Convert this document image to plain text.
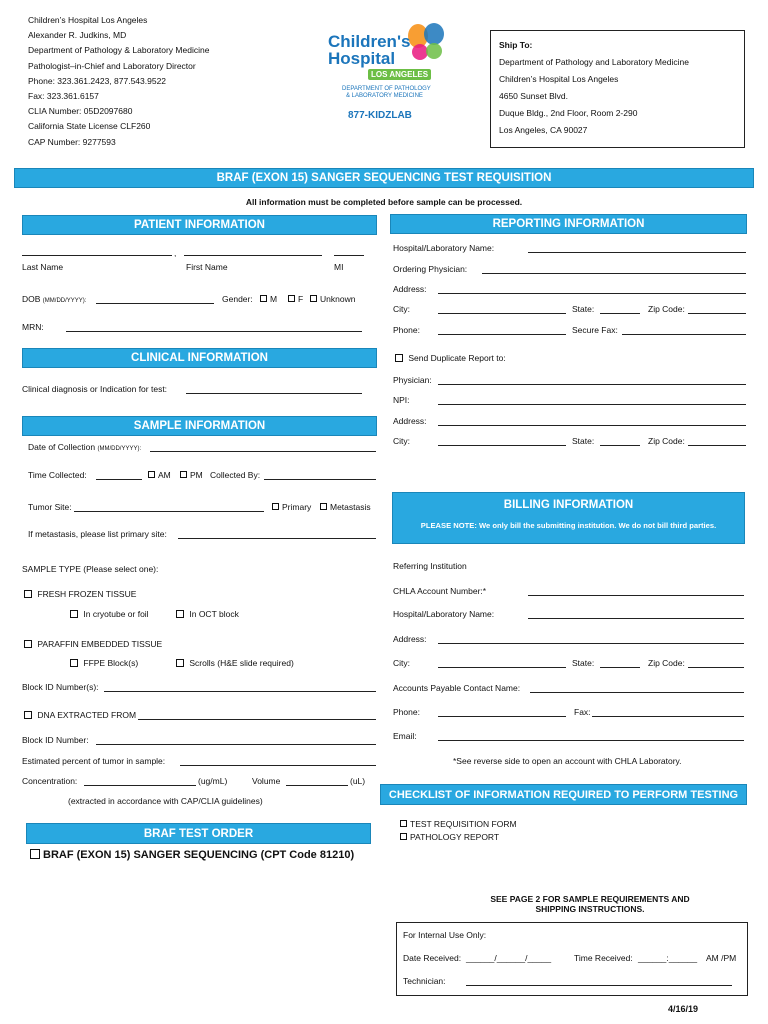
Children’s Hospital Los Angeles
Alexander R. Judkins, MD
Department of Pathology & Laboratory Medicine
Pathologist–in-Chief and Laboratory Director
Phone: 323.361.2423, 877.543.9522
Fax: 323.361.6157
CLIA Number: 05D2097680
California State License CLF260
CAP Number: 9277593
Children's
Hospital
LOS ANGELES
DEPARTMENT OF PATHOLOGY
& LABORATORY MEDICINE
877-KIDZLAB
Ship To:
Department of Pathology and Laboratory Medicine
Children’s Hospital Los Angeles
4650 Sunset Blvd.
Duque Bldg., 2nd Floor, Room 2-290
Los Angeles, CA 90027
BRAF (EXON 15) SANGER SEQUENCING TEST REQUISITION
All information must be completed before sample can be processed.
PATIENT INFORMATION
,
Last Name	First Name	MI
DOB (MM/DD/YYYY):	Gender:	M	F	Unknown
MRN:
CLINICAL INFORMATION
Clinical diagnosis or Indication for test:
SAMPLE INFORMATION
Date of Collection (MM/DD/YYYY):
Time Collected:	AM	PM Collected By:
Tumor Site:	Primary	Metastasis
If metastasis, please list primary site:
SAMPLE TYPE (Please select one):
FRESH FROZEN TISSUE
In cryotube or foil	In OCT block
PARAFFIN EMBEDDED TISSUE
FFPE Block(s)	Scrolls (H&E slide required)
Block ID Number(s):
DNA EXTRACTED FROM
Block ID Number:
Estimated percent of tumor in sample:
Concentration:	(ug/mL)	Volume	(uL)
(extracted in accordance with CAP/CLIA guidelines)
BRAF TEST ORDER
BRAF (EXON 15) SANGER SEQUENCING (CPT Code 81210)
REPORTING INFORMATION
Hospital/Laboratory Name:
Ordering Physician:
Address:
City:	State:	Zip Code:
Phone:	Secure Fax:
Send Duplicate Report to:
Physician:
NPI:
Address:
City:	State:	Zip Code:
BILLING INFORMATION
PLEASE NOTE: We only bill the submitting institution. We do not bill third parties.
Referring Institution
CHLA Account Number:*
Hospital/Laboratory Name:
Address:
City:	State:	Zip Code:
Accounts Payable Contact Name:
Phone:	Fax:
Email:
*See reverse side to open an account with CHLA Laboratory.
CHECKLIST OF INFORMATION REQUIRED TO PERFORM TESTING
TEST REQUISITION FORM
PATHOLOGY REPORT
SEE PAGE 2 FOR SAMPLE REQUIREMENTS AND
SHIPPING INSTRUCTIONS.
For Internal Use Only:
Date Received: ______/______/_____	Time Received: ______:______ AM /PM
Technician:
4/16/19
